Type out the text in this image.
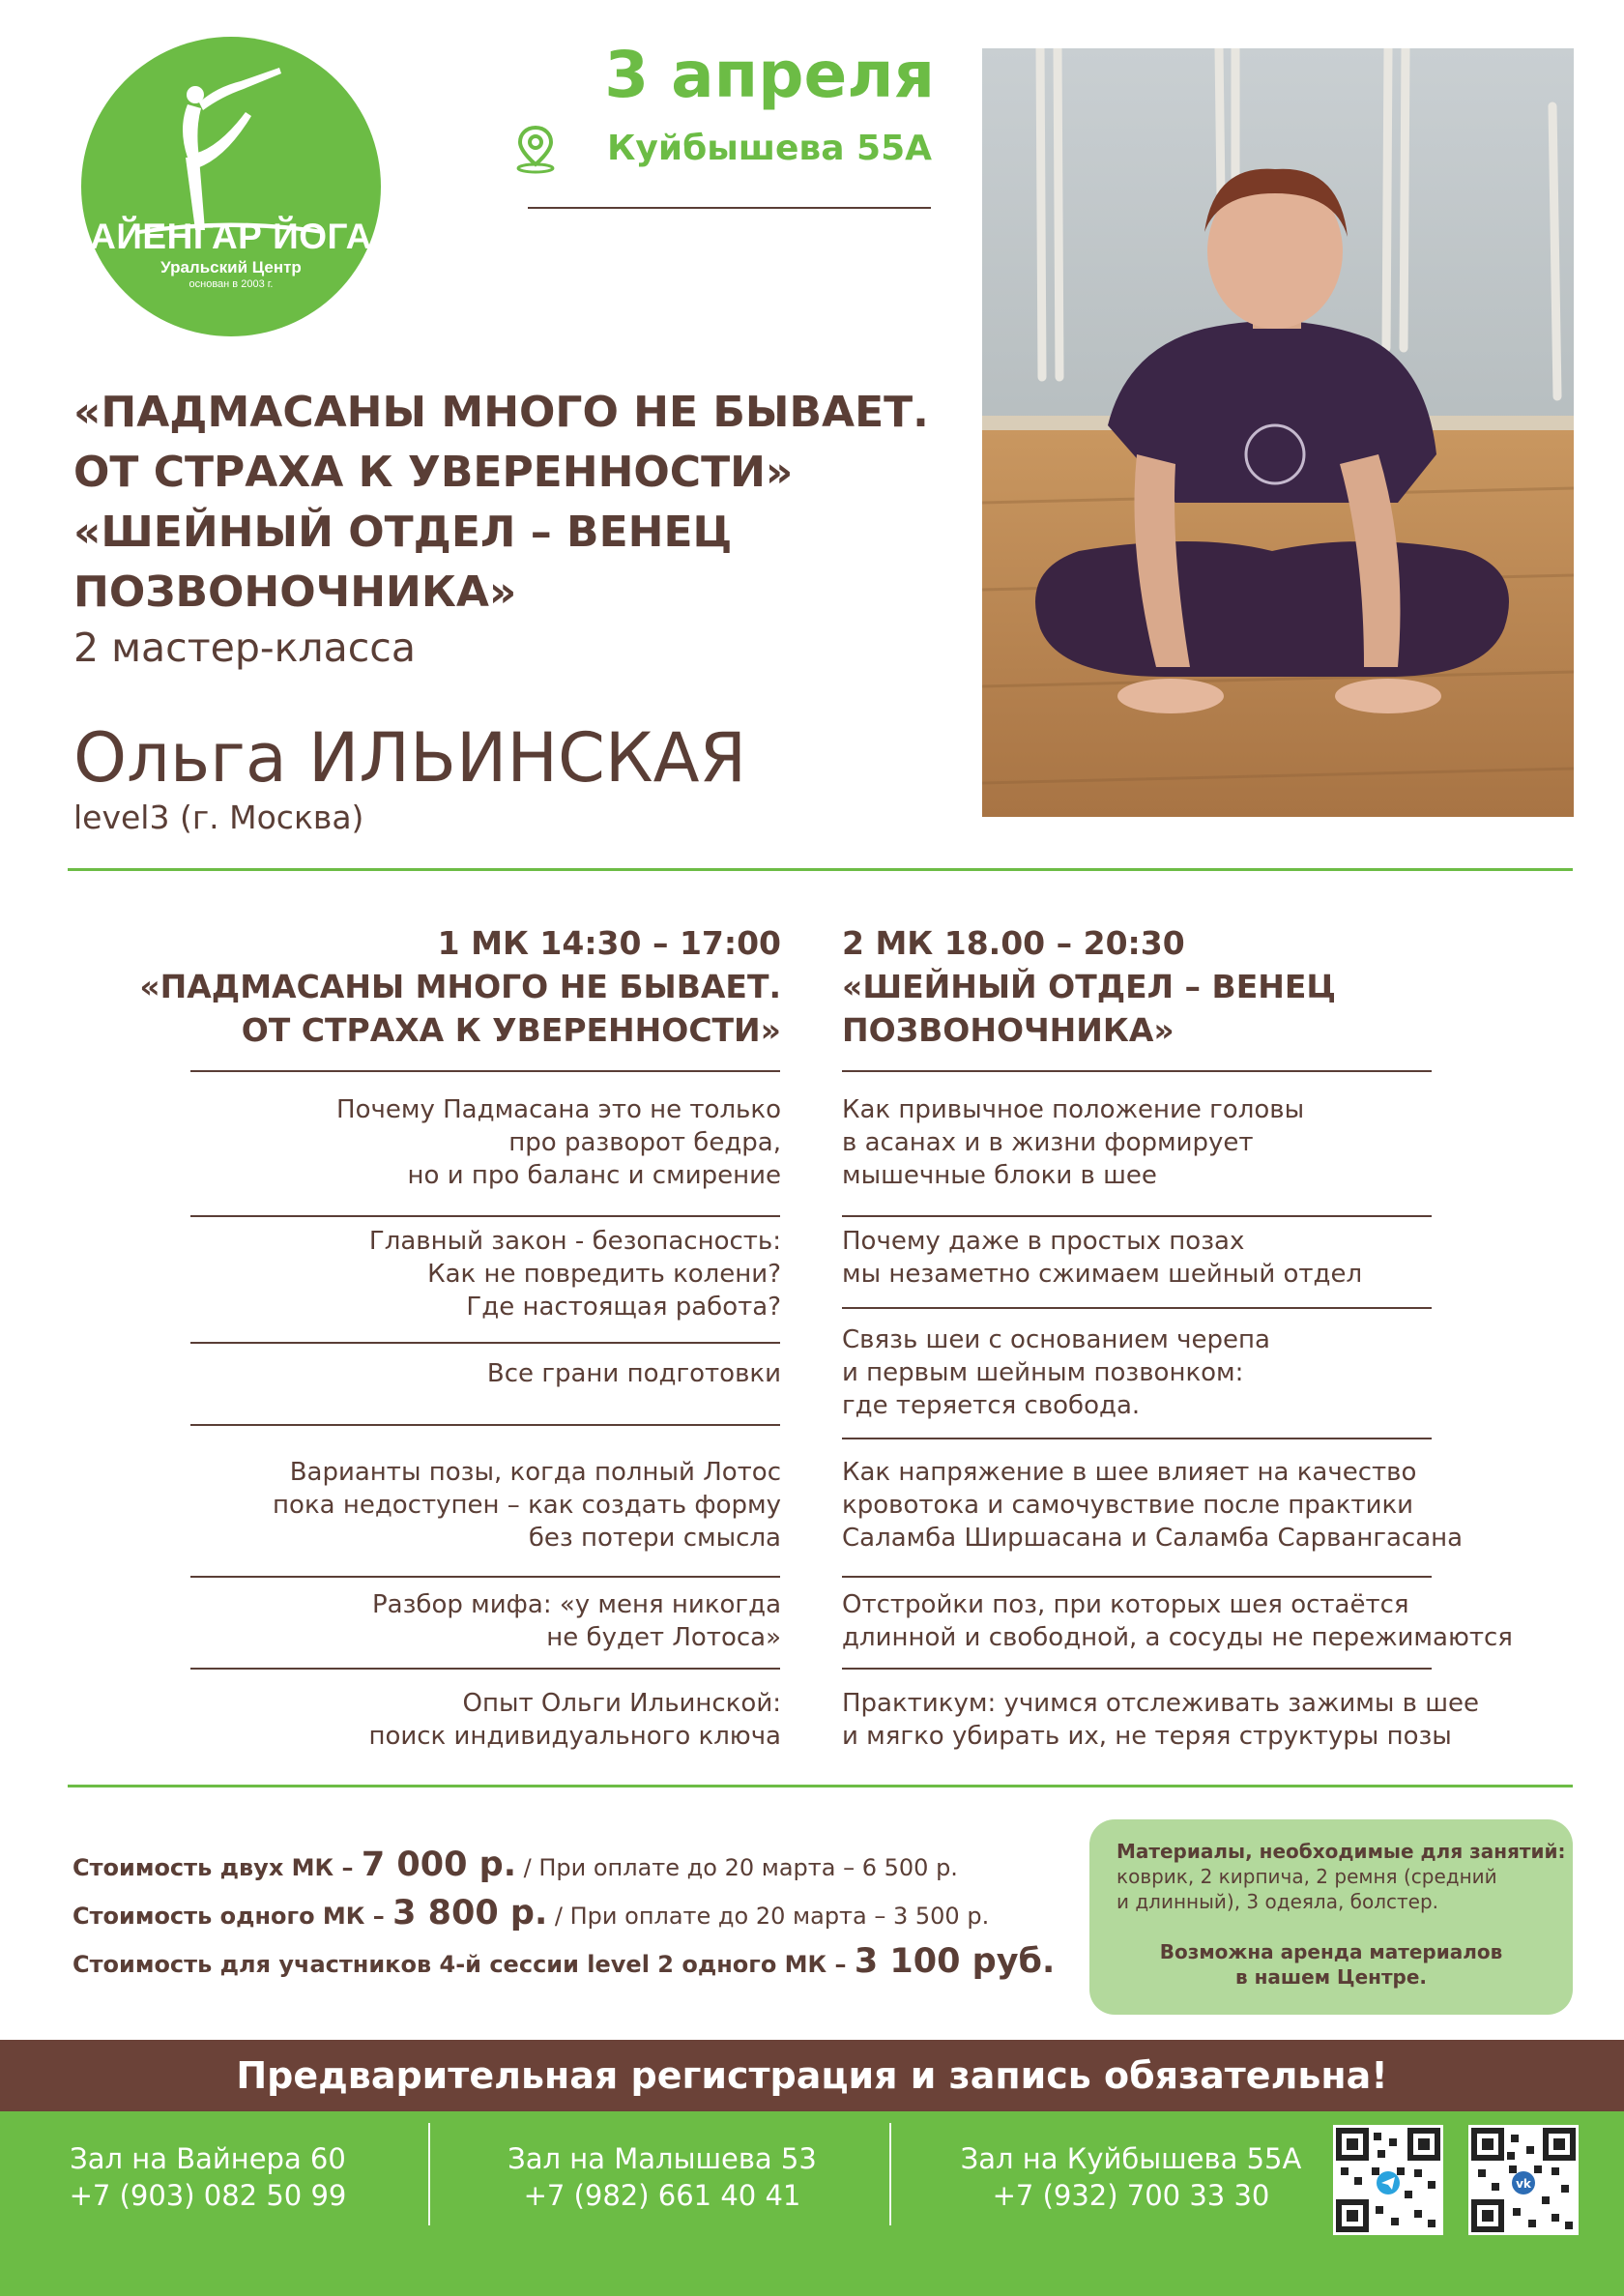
АЙЕНГАР ЙОГА
Уральский Центр
основан в 2003 г.
3 апреля
Куйбышева 55А
«ПАДМАСАНЫ МНОГО НЕ БЫВАЕТ.
ОТ СТРАХА К УВЕРЕННОСТИ»
«ШЕЙНЫЙ ОТДЕЛ – ВЕНЕЦ
ПОЗВОНОЧНИКА»
2 мастер-класса
Ольга ИЛЬИНСКАЯ
level3 (г. Москва)
1 МК 14:30 – 17:00
«ПАДМАСАНЫ МНОГО НЕ БЫВАЕТ.
ОТ СТРАХА К УВЕРЕННОСТИ»
2 МК 18.00 – 20:30
«ШЕЙНЫЙ ОТДЕЛ – ВЕНЕЦ
ПОЗВОНОЧНИКА»
Почему Падмасана это не только
про разворот бедра,
но и про баланс и смирение
Главный закон - безопасность:
Как не повредить колени?
Где настоящая работа?
Все грани подготовки
Варианты позы, когда полный Лотос
пока недоступен – как создать форму
без потери смысла
Разбор мифа: «у меня никогда
не будет Лотоса»
Опыт Ольги Ильинской:
поиск индивидуального ключа
Как привычное положение головы
в асанах и в жизни формирует
мышечные блоки в шее
Почему даже в простых позах
мы незаметно сжимаем шейный отдел
Связь шеи с основанием черепа
и первым шейным позвонком:
где теряется свобода.
Как напряжение в шее влияет на качество
кровотока и самочувствие после практики
Саламба Ширшасана и Саламба Сарвангасана
Отстройки поз, при которых шея остаётся
длинной и свободной, а сосуды не пережимаются
Практикум: учимся отслеживать зажимы в шее
и мягко убирать их, не теряя структуры позы
Стоимость двух МК – 7 000 р. / При оплате до 20 марта – 6 500 р.
Стоимость одного МК – 3 800 р. / При оплате до 20 марта – 3 500 р.
Стоимость для участников 4-й сессии level 2 одного МК – 3 100 руб.
Материалы, необходимые для занятий:
коврик, 2 кирпича, 2 ремня (средний
и длинный), 3 одеяла, болстер.
Возможна аренда материалов
в нашем Центре.
Предварительная регистрация и запись обязательна!
Зал на Вайнера 60
+7 (903) 082 50 99
Зал на Малышева 53
+7 (982) 661 40 41
Зал на Куйбышева 55А
+7 (932) 700 33 30	vk
